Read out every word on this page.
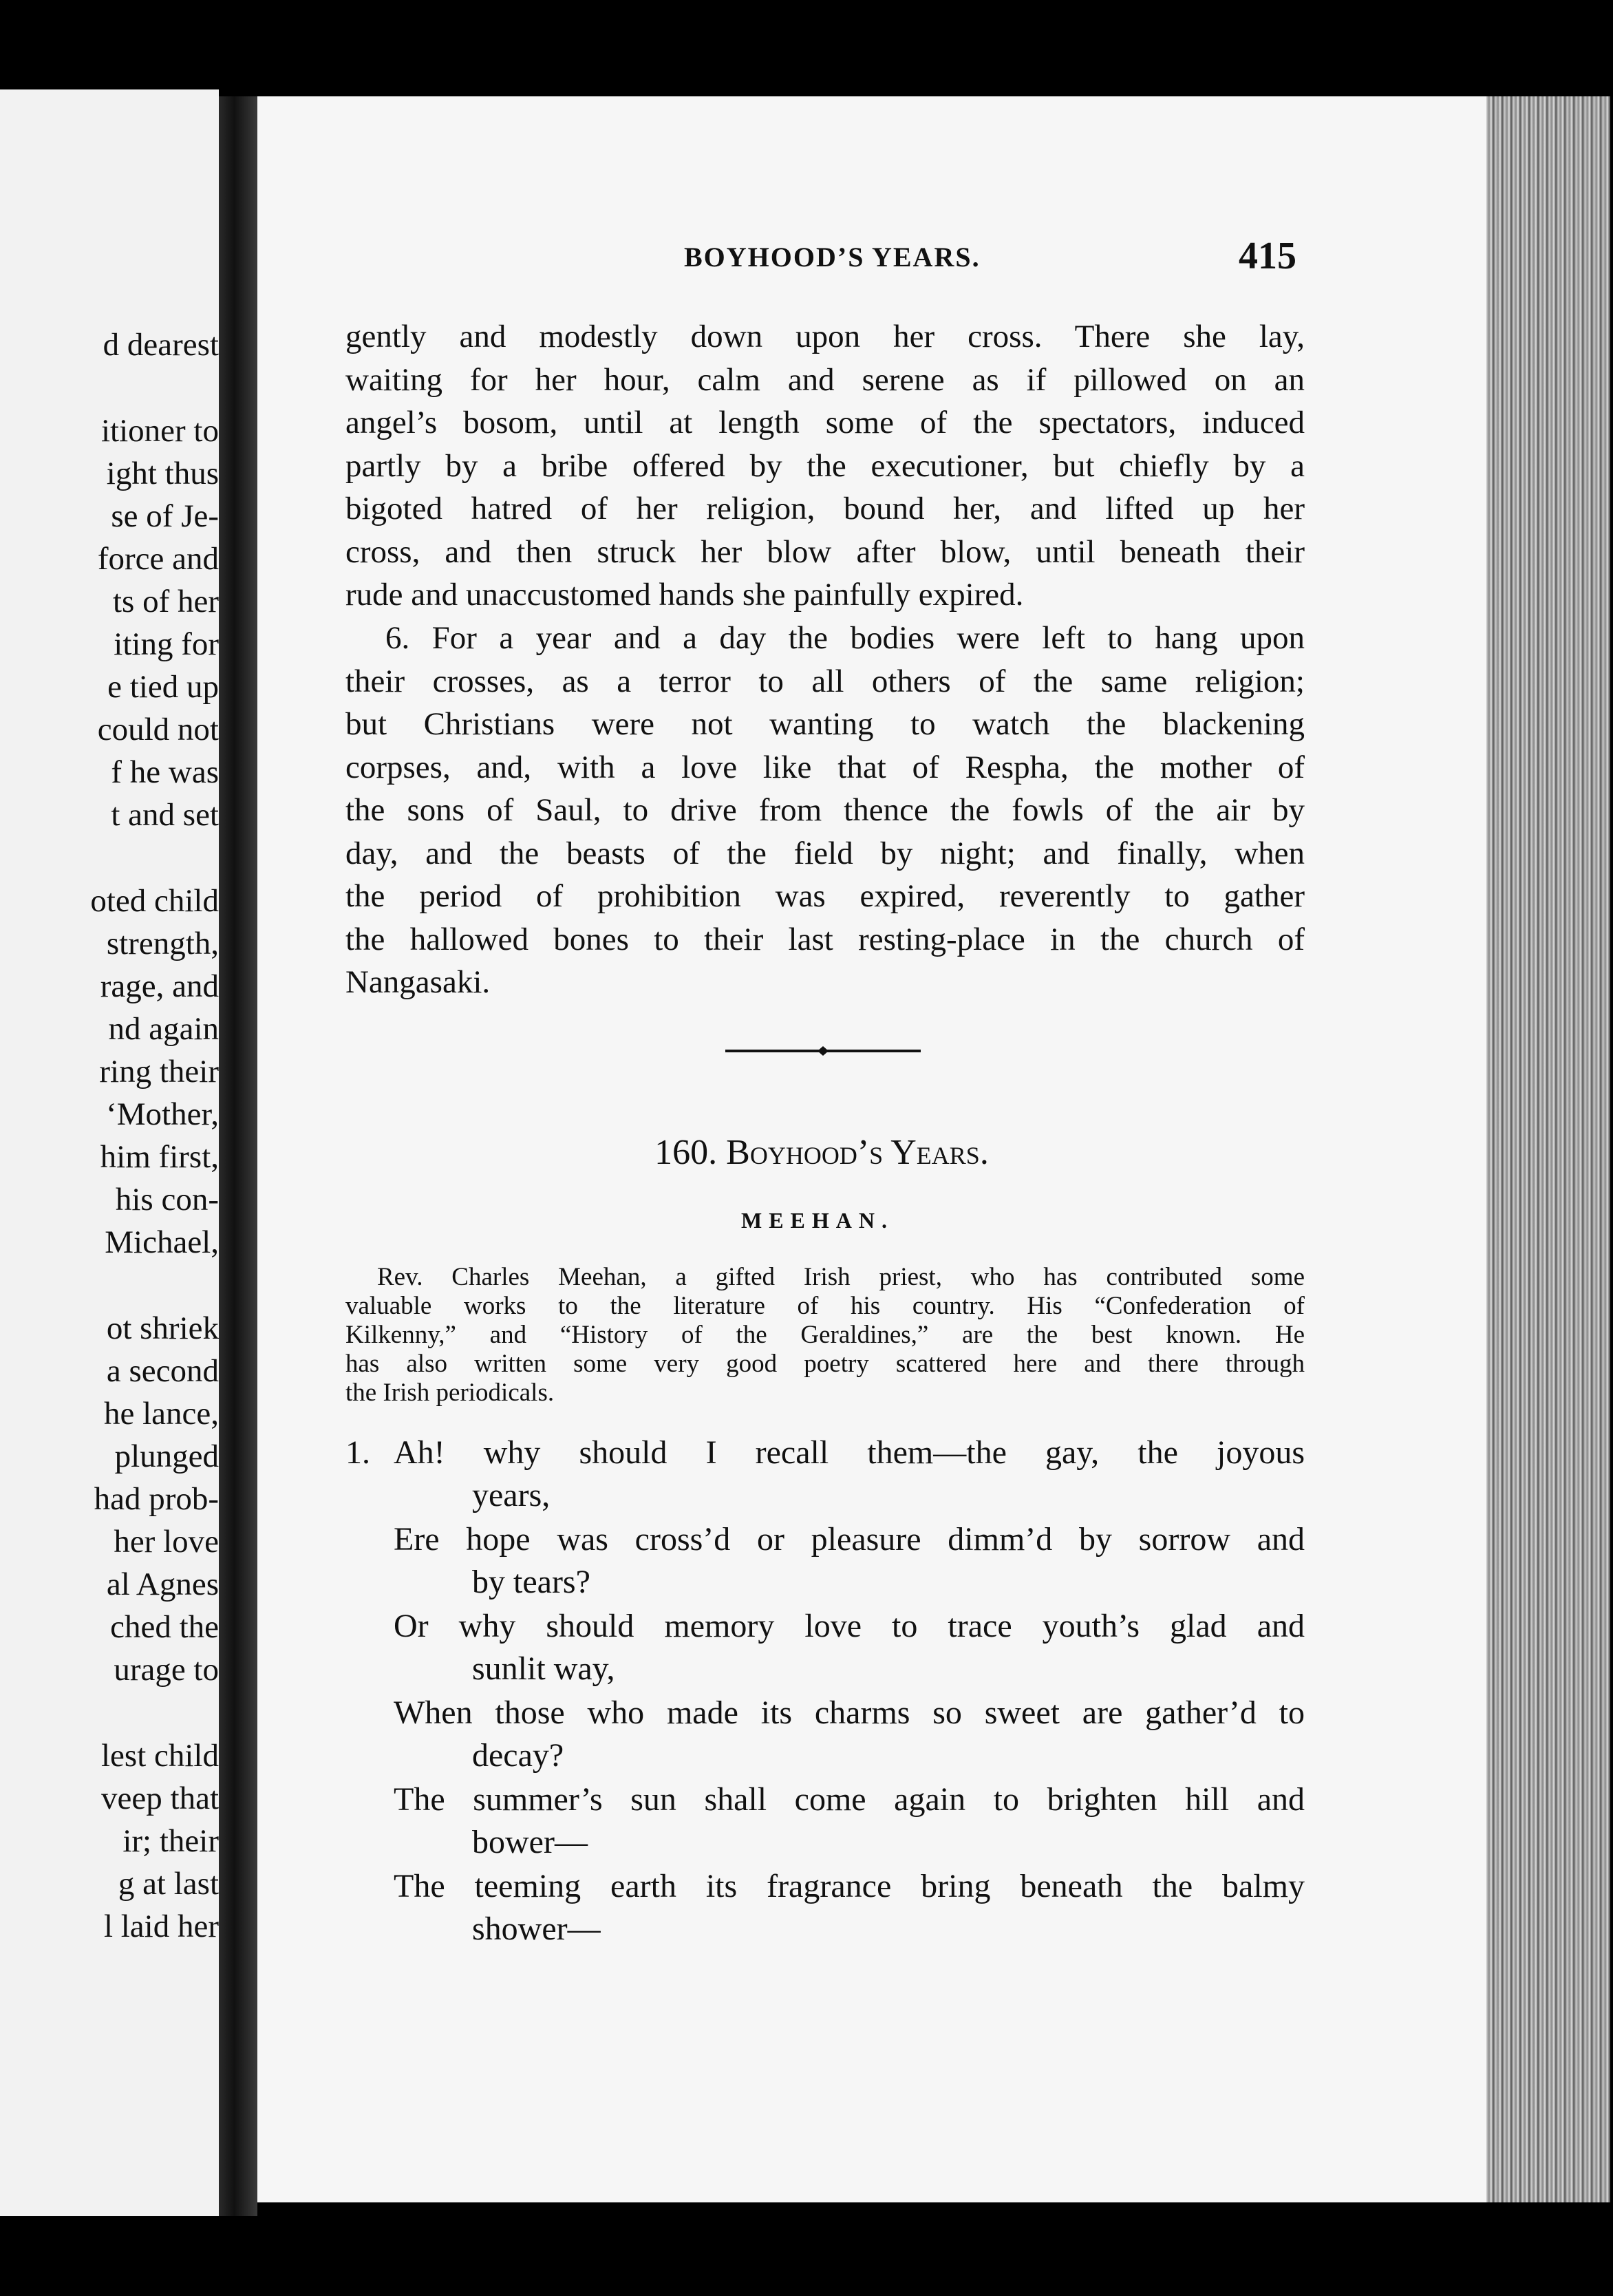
BOYHOOD’S YEARS.	415
gently and modestly down upon her cross. There she lay,
waiting for her hour, calm and serene as if pillowed on an
angel’s bosom, until at length some of the spectators, induced
partly by a bribe offered by the executioner, but chiefly by a
bigoted hatred of her religion, bound her, and lifted up her
cross, and then struck her blow after blow, until beneath their
rude and unaccustomed hands she painfully expired.
6. For a year and a day the bodies were left to hang upon
their crosses, as a terror to all others of the same religion;
but Christians were not wanting to watch the blackening
corpses, and, with a love like that of Respha, the mother of
the sons of Saul, to drive from thence the fowls of the air by
day, and the beasts of the field by night; and finally, when
the period of prohibition was expired, reverently to gather
the hallowed bones to their last resting-place in the church of
Nangasaki.
160. Boyhood’s Years.
MEEHAN.
Rev. Charles Meehan, a gifted Irish priest, who has contributed some
valuable works to the literature of his country. His “Confederation of
Kilkenny,” and “History of the Geraldines,” are the best known. He
has also written some very good poetry scattered here and there through
the Irish periodicals.
1. Ah! why should I recall them—the gay, the joyous
years,
Ere hope was cross’d or pleasure dimm’d by sorrow and
by tears?
Or why should memory love to trace youth’s glad and
sunlit way,
When those who made its charms so sweet are gather’d to
decay?
The summer’s sun shall come again to brighten hill and
bower—
The teeming earth its fragrance bring beneath the balmy
shower—
d dearest
itioner to
ight thus
se of Je-
force and
ts of her
iting for
e tied up
could not
f he was
t and set
oted child
strength,
rage, and
nd again
ring their
‘Mother,
him first,
his con-
Michael,
ot shriek
a second
he lance,
plunged
had prob-
her love
al Agnes
ched the
urage to
lest child
veep that
ir; their
g at last
l laid her
